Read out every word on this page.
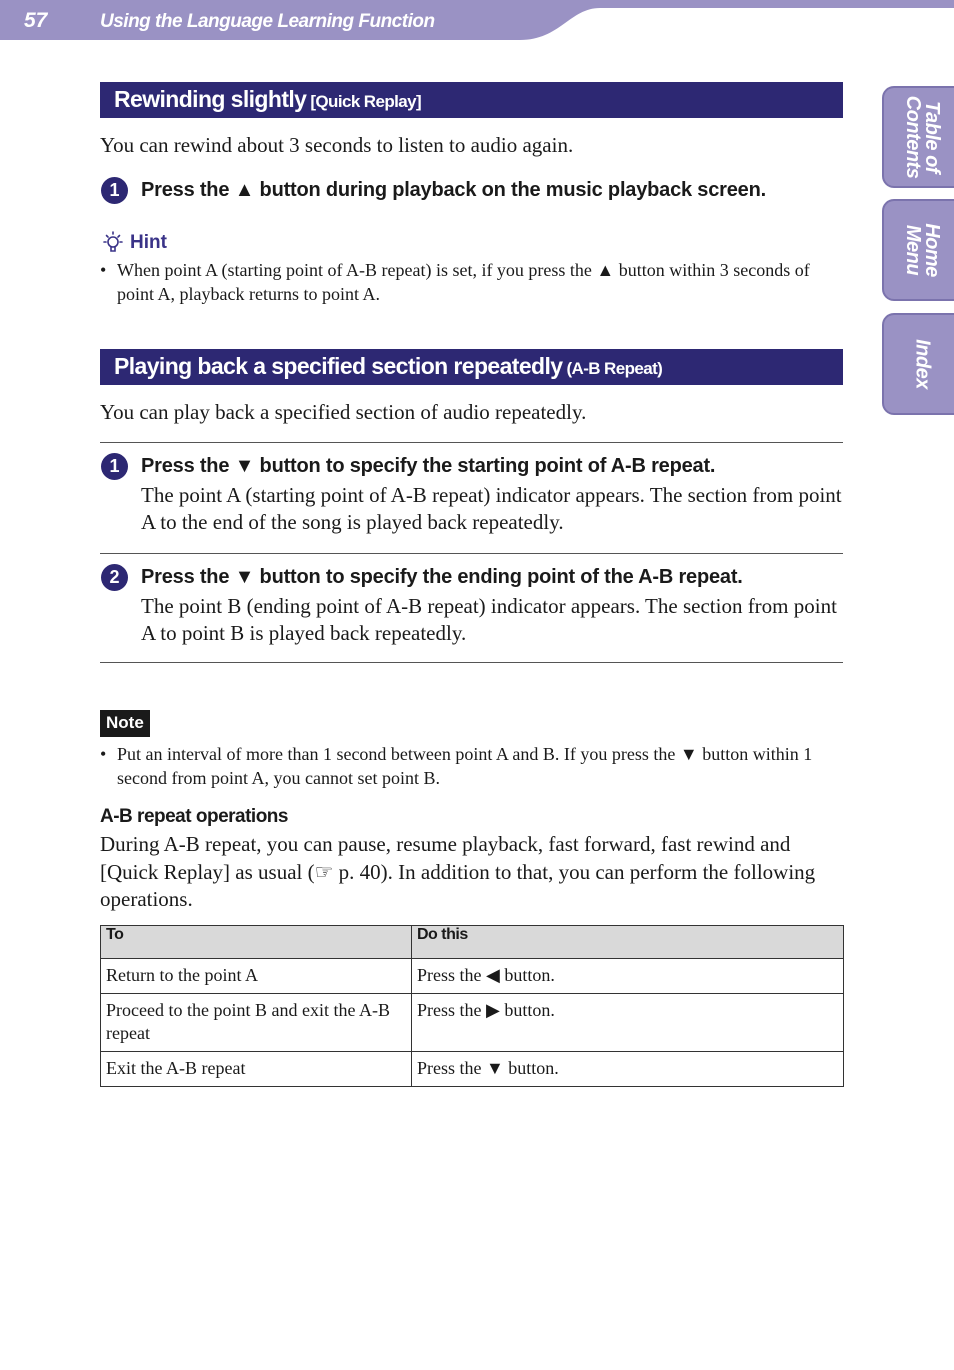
57	Using the Language Learning Function
Table of
Contents
Home
Menu
Index
Rewinding slightly [Quick Replay]

You can rewind about 3 seconds to listen to audio again.

1	Press the ▲ button during playback on the music playback screen.
Hint
• When point A (starting point of A-B repeat) is set, if you press the ▲ button within 3 seconds of point A, playback returns to point A.
Playing back a specified section repeatedly (A-B Repeat)

You can play back a specified section of audio repeatedly.

1	Press the ▼ button to specify the starting point of A-B repeat.
The point A (starting point of A-B repeat) indicator appears. The section from point A to the end of the song is played back repeatedly.
2	Press the ▼ button to specify the ending point of the A-B repeat.
The point B (ending point of A-B repeat) indicator appears. The section from point A to point B is played back repeatedly.
Note
• Put an interval of more than 1 second between point A and B. If you press the ▼ button within 1 second from point A, you cannot set point B.
A-B repeat operations

During A-B repeat, you can pause, resume playback, fast forward, fast rewind and [Quick Replay] as usual (☞ p. 40). In addition to that, you can perform the following operations.

To	Do this
Return to the point A	Press the ◀ button.
Proceed to the point B and exit the A-B repeat	Press the ▶ button.
Exit the A-B repeat	Press the ▼ button.
